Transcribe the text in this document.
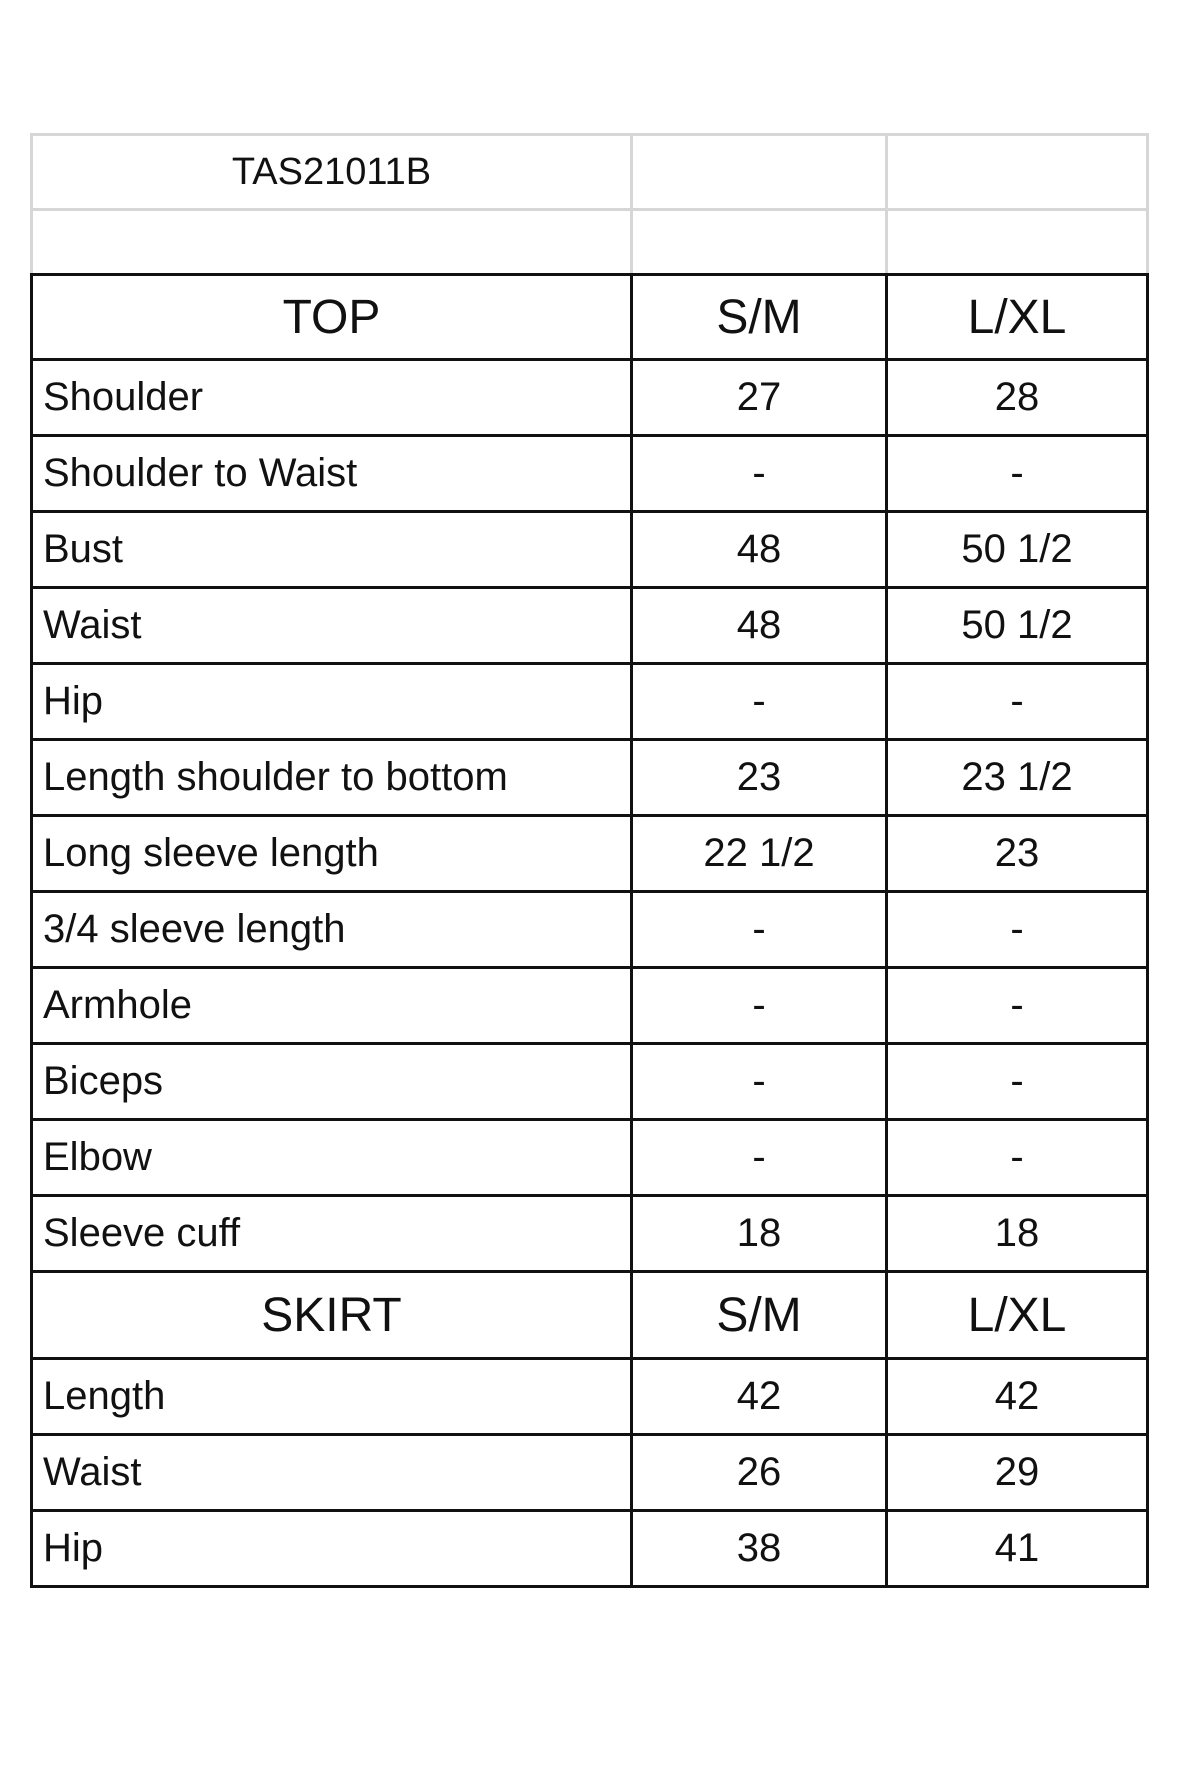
TAS21011B		

TOP	S/M	L/XL
Shoulder	27	28
Shoulder to Waist	-	-
Bust	48	50 1/2
Waist	48	50 1/2
Hip	-	-
Length shoulder to bottom	23	23 1/2
Long sleeve length	22 1/2	23
3/4 sleeve length	-	-
Armhole	-	-
Biceps	-	-
Elbow	-	-
Sleeve cuff	18	18
SKIRT	S/M	L/XL
Length	42	42
Waist	26	29
Hip	38	41
